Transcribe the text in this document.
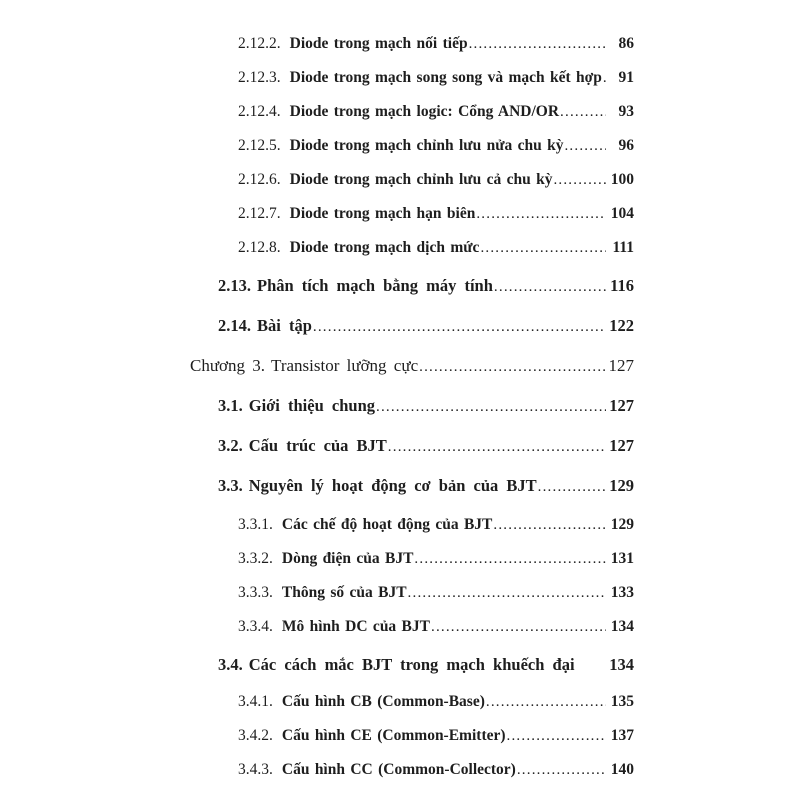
2.12.2. Diode trong mạch nối tiếp .....	86
2.12.3. Diode trong mạch song song và mạch kết hợp .....	91
2.12.4. Diode trong mạch logic: Cổng AND/OR .....	93
2.12.5. Diode trong mạch chỉnh lưu nửa chu kỳ .....	96
2.12.6. Diode trong mạch chỉnh lưu cả chu kỳ .....	100
2.12.7. Diode trong mạch hạn biên .....	104
2.12.8. Diode trong mạch dịch mức .....	111
2.13. Phân tích mạch bằng máy tính .....	116
2.14. Bài tập .....	122
Chương 3. Transistor lưỡng cực .....	127
3.1. Giới thiệu chung .....	127
3.2. Cấu trúc của BJT .....	127
3.3. Nguyên lý hoạt động cơ bản của BJT .....	129
3.3.1. Các chế độ hoạt động của BJT .....	129
3.3.2. Dòng điện của BJT .....	131
3.3.3. Thông số của BJT .....	133
3.3.4. Mô hình DC của BJT .....	134
3.4. Các cách mắc BJT trong mạch khuếch đại 134
3.4.1. Cấu hình CB (Common-Base) .....	135
3.4.2. Cấu hình CE (Common-Emitter) .....	137
3.4.3. Cấu hình CC (Common-Collector) .....	140
